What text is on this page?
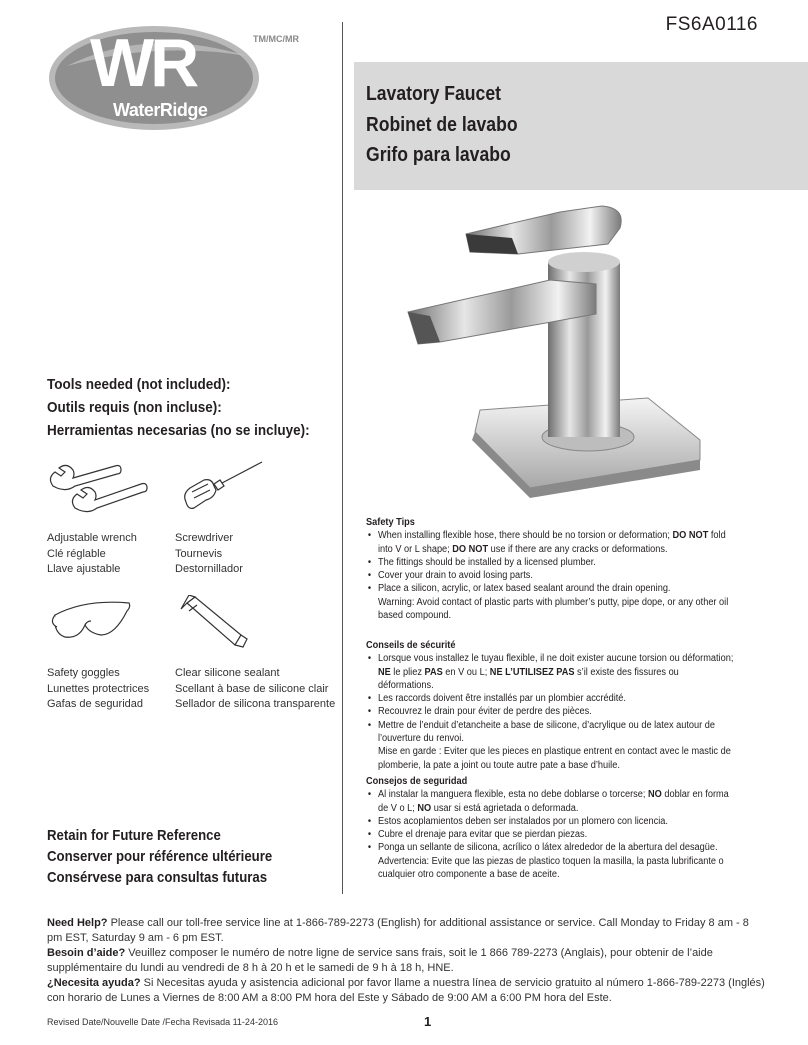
WR
WaterRidge
TM/MC/MR
FS6A0116
Lavatory Faucet
Robinet de lavabo
Grifo para lavabo
Tools needed (not included):
Outils requis (non incluse):
Herramientas necesarias (no se incluye):
Adjustable wrench
Clé réglable
Llave ajustable
Screwdriver
Tournevis
Destornillador
Safety goggles
Lunettes protectrices
Gafas de seguridad
Clear silicone sealant
Scellant à base de silicone clair
Sellador de silicona transparente
Retain for Future Reference
Conserver pour référence ultérieure
Consérvese para consultas futuras
Safety Tips
• When installing flexible hose, there should be no torsion or deformation; DO NOT fold into V or L shape; DO NOT use if there are any cracks or deformations.
• The fittings should be installed by a licensed plumber.
• Cover your drain to avoid losing parts.
• Place a silicon, acrylic, or latex based sealant around the drain opening.
Warning: Avoid contact of plastic parts with plumber’s putty, pipe dope, or any other oil based compound.
Conseils de sécurité
• Lorsque vous installez le tuyau flexible, il ne doit exister aucune torsion ou déformation; NE le pliez PAS en V ou L; NE L’UTILISEZ PAS s’il existe des fissures ou déformations.
• Les raccords doivent être installés par un plombier accrédité.
• Recouvrez le drain pour éviter de perdre des pièces.
• Mettre de l’enduit d’etancheite a base de silicone, d’acrylique ou de latex autour de l’ouverture du renvoi.
Mise en garde : Eviter que les pieces en plastique entrent en contact avec le mastic de plomberie, la pate a joint ou toute autre pate a base d’huile.
Consejos de seguridad
• Al instalar la manguera flexible, esta no debe doblarse o torcerse; NO doblar en forma de V o L; NO usar si está agrietada o deformada.
• Estos acoplamientos deben ser instalados por un plomero con licencia.
• Cubre el drenaje para evitar que se pierdan piezas.
• Ponga un sellante de silicona, acrílico o látex alrededor de la abertura del desagüe.
Advertencia: Evite que las piezas de plastico toquen la masilla, la pasta lubrificante o cualquier otro componente a base de aceite.
Need Help? Please call our toll-free service line at 1-866-789-2273 (English) for additional assistance or service. Call Monday to Friday 8 am - 8 pm EST, Saturday 9 am - 6 pm EST.
Besoin d’aide? Veuillez composer le numéro de notre ligne de service sans frais, soit le 1 866 789-2273 (Anglais), pour obtenir de l’aide supplémentaire du lundi au vendredi de 8 h à 20 h et le samedi de 9 h à 18 h, HNE.
¿Necesita ayuda? Si Necesitas ayuda y asistencia adicional por favor llame a nuestra línea de servicio gratuito al número 1-866-789-2273 (Inglés) con horario de Lunes a Viernes de 8:00 AM a 8:00 PM hora del Este y Sábado de 9:00 AM a 6:00 PM hora del Este.
Revised Date/Nouvelle Date /Fecha Revisada 11-24-2016	1
